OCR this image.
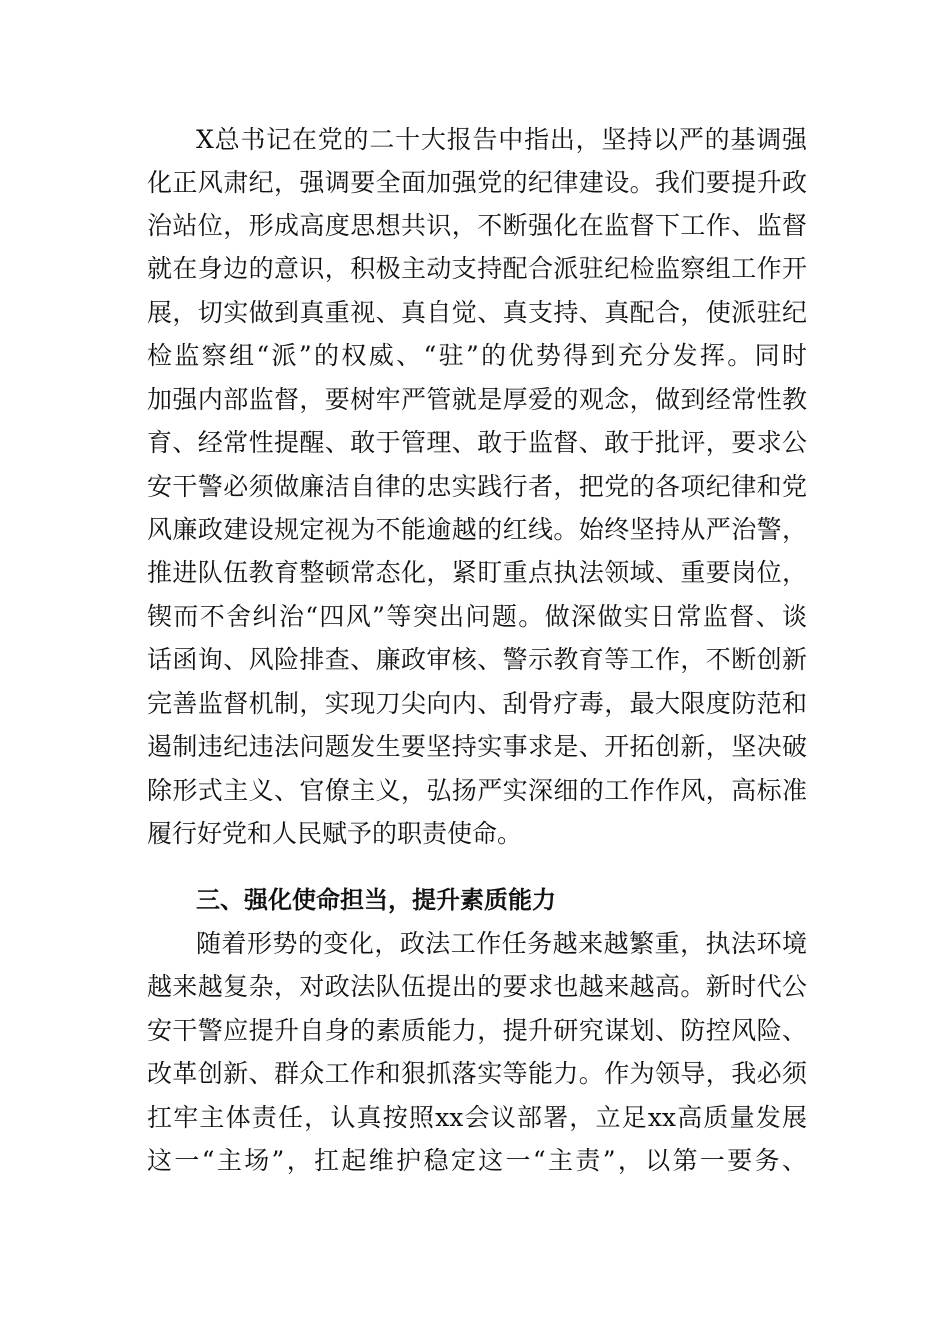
X总书记在党的二十大报告中指出，坚持以严的基调强
化正风肃纪，强调要全面加强党的纪律建设。我们要提升政
治站位，形成高度思想共识，不断强化在监督下工作、监督
就在身边的意识，积极主动支持配合派驻纪检监察组工作开
展，切实做到真重视、真自觉、真支持、真配合，使派驻纪
检监察组“派”的权威、“驻”的优势得到充分发挥。同时
加强内部监督，要树牢严管就是厚爱的观念，做到经常性教
育、经常性提醒、敢于管理、敢于监督、敢于批评，要求公
安干警必须做廉洁自律的忠实践行者，把党的各项纪律和党
风廉政建设规定视为不能逾越的红线。始终坚持从严治警，
推进队伍教育整顿常态化，紧盯重点执法领域、重要岗位，
锲而不舍纠治“四风”等突出问题。做深做实日常监督、谈
话函询、风险排查、廉政审核、警示教育等工作，不断创新
完善监督机制，实现刀尖向内、刮骨疗毒，最大限度防范和
遏制违纪违法问题发生要坚持实事求是、开拓创新，坚决破
除形式主义、官僚主义，弘扬严实深细的工作作风，高标准
履行好党和人民赋予的职责使命。
三、强化使命担当，提升素质能力
随着形势的变化，政法工作任务越来越繁重，执法环境
越来越复杂，对政法队伍提出的要求也越来越高。新时代公
安干警应提升自身的素质能力，提升研究谋划、防控风险、
改革创新、群众工作和狠抓落实等能力。作为领导，我必须
扛牢主体责任，认真按照xx会议部署，立足xx高质量发展
这一“主场”，扛起维护稳定这一“主责”，以第一要务、
